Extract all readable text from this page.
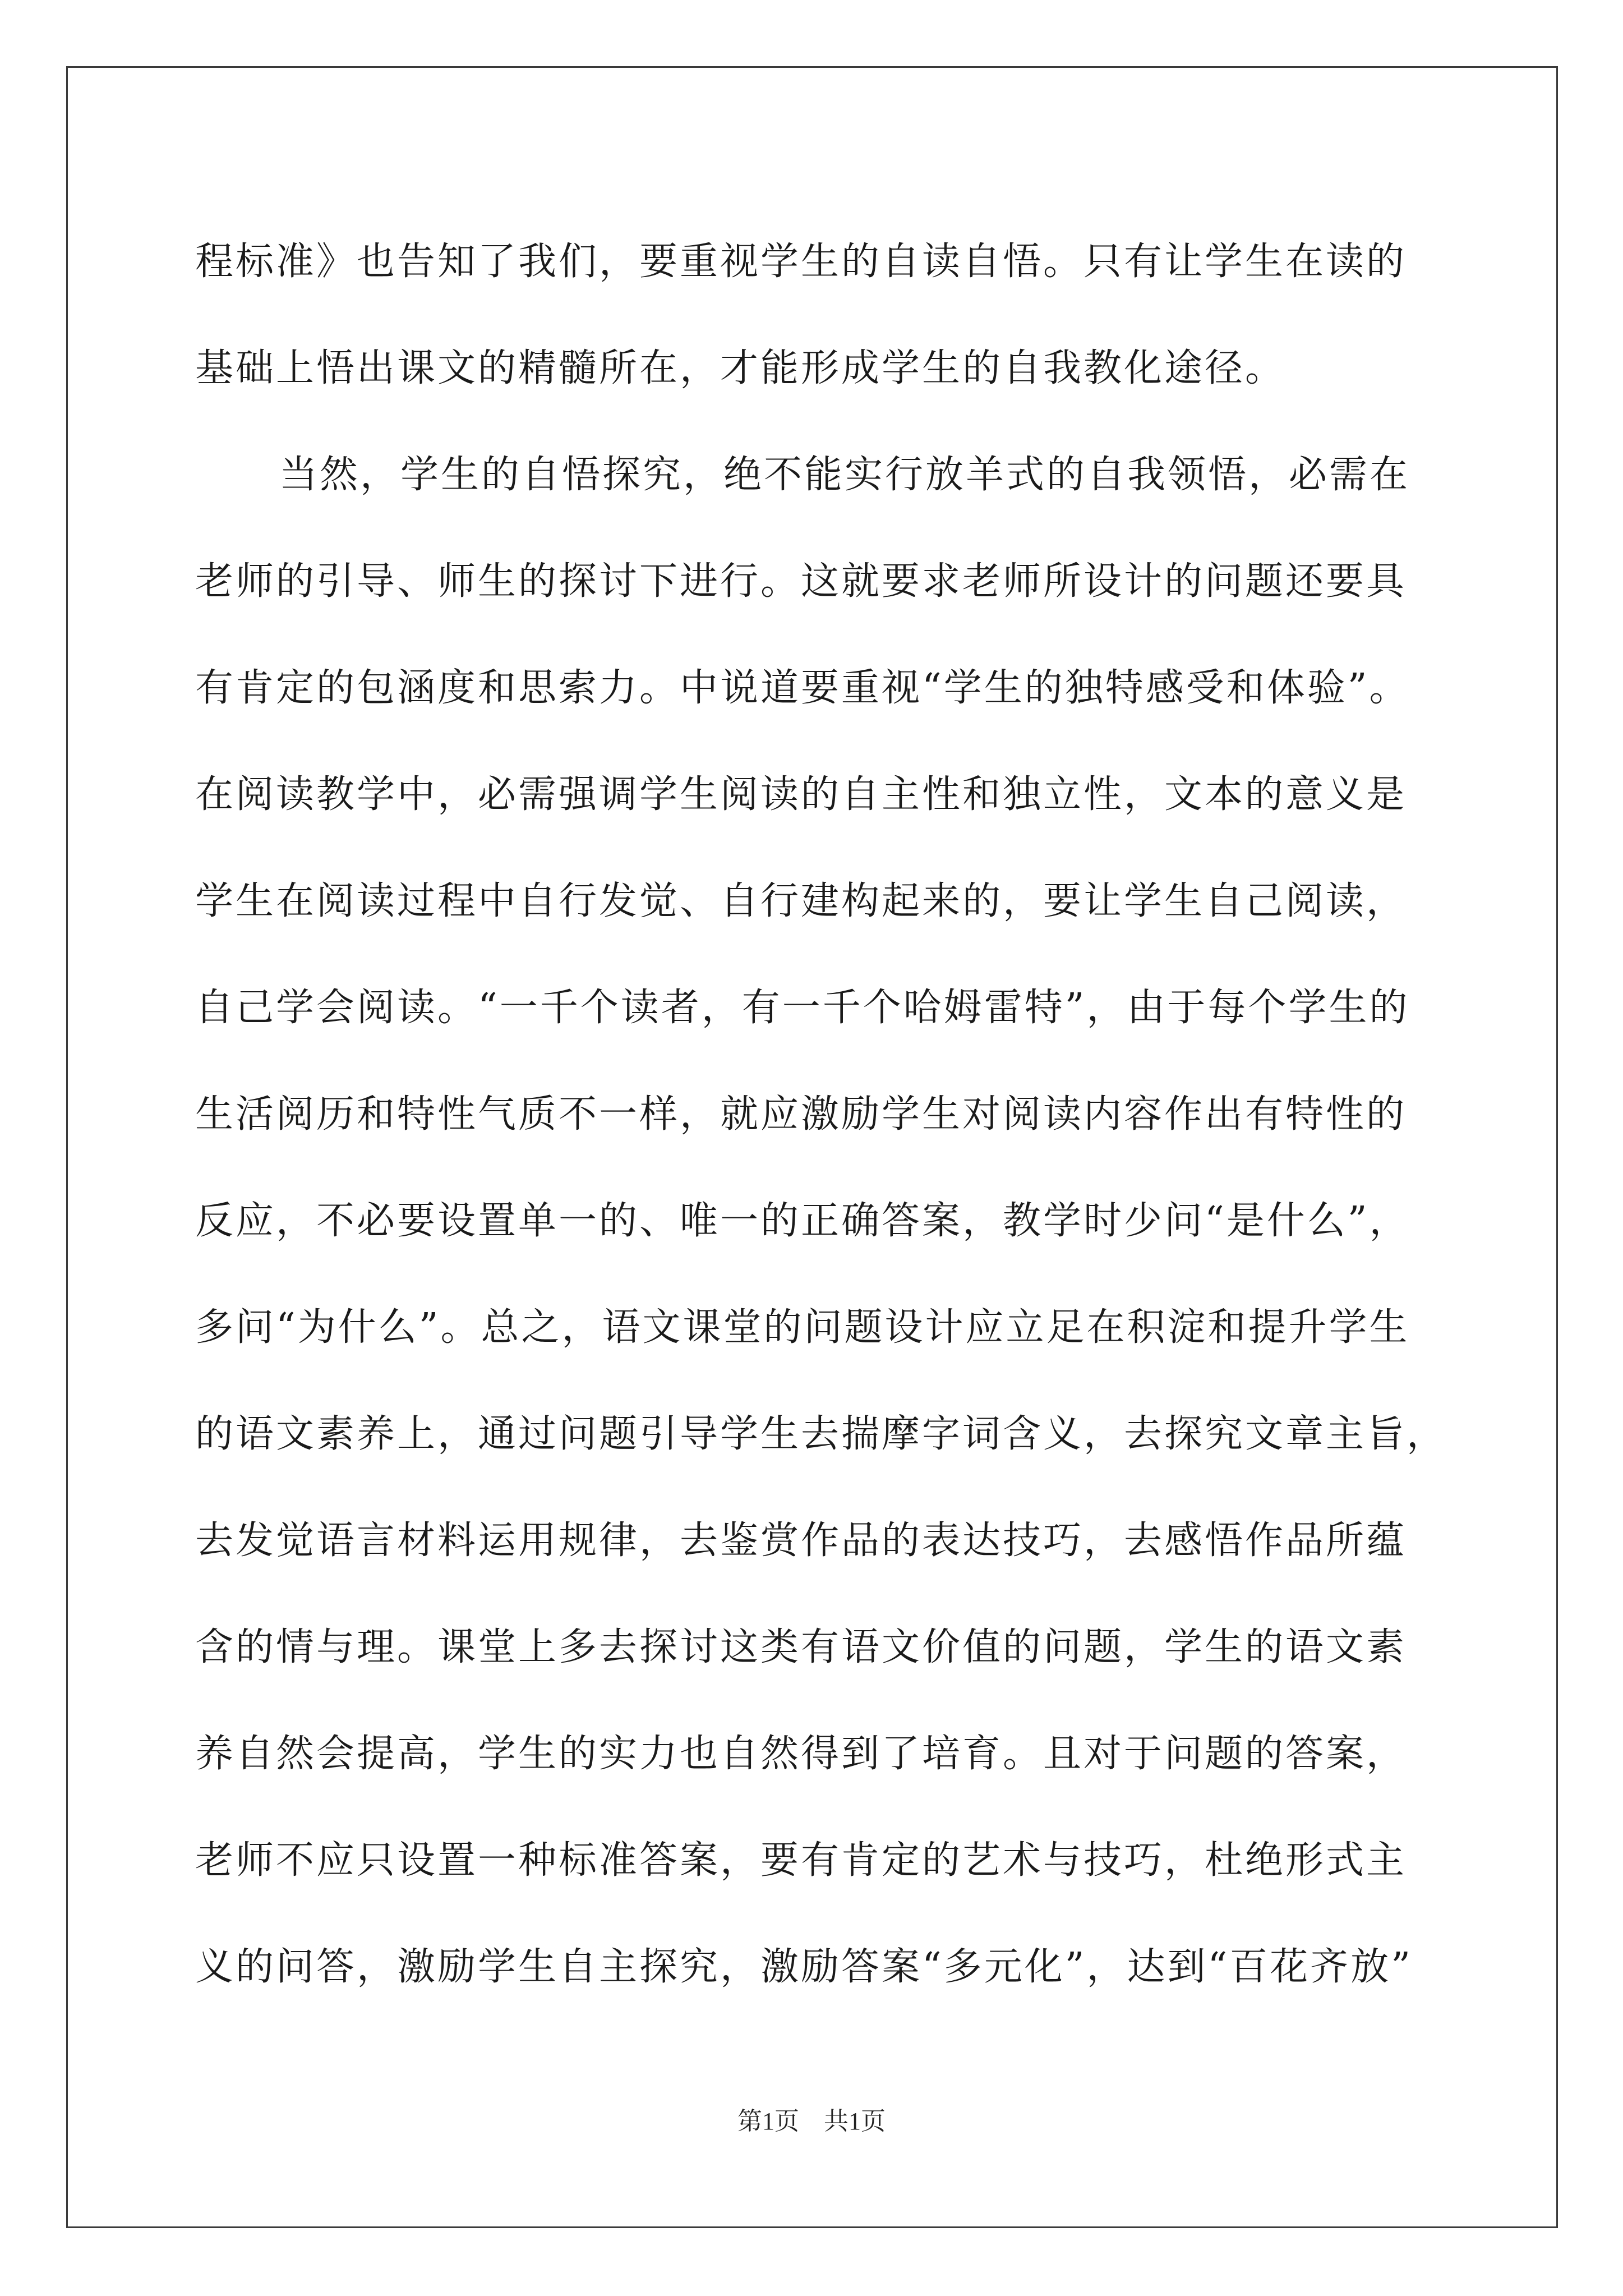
程标准》也告知了我们，要重视学生的自读自悟。只有让学生在读的
基础上悟出课文的精髓所在，才能形成学生的自我教化途径。
当然，学生的自悟探究，绝不能实行放羊式的自我领悟，必需在
老师的引导、师生的探讨下进行。这就要求老师所设计的问题还要具
有肯定的包涵度和思索力。中说道要重视“学生的独特感受和体验”。
在阅读教学中，必需强调学生阅读的自主性和独立性，文本的意义是
学生在阅读过程中自行发觉、自行建构起来的，要让学生自己阅读，
自己学会阅读。“一千个读者，有一千个哈姆雷特”，由于每个学生的
生活阅历和特性气质不一样，就应激励学生对阅读内容作出有特性的
反应，不必要设置单一的、唯一的正确答案，教学时少问“是什么”，
多问“为什么”。总之，语文课堂的问题设计应立足在积淀和提升学生
的语文素养上，通过问题引导学生去揣摩字词含义，去探究文章主旨，
去发觉语言材料运用规律，去鉴赏作品的表达技巧，去感悟作品所蕴
含的情与理。课堂上多去探讨这类有语文价值的问题，学生的语文素
养自然会提高，学生的实力也自然得到了培育。且对于问题的答案，
老师不应只设置一种标准答案，要有肯定的艺术与技巧，杜绝形式主
义的问答，激励学生自主探究，激励答案“多元化”，达到“百花齐放”
第1页　共1页
